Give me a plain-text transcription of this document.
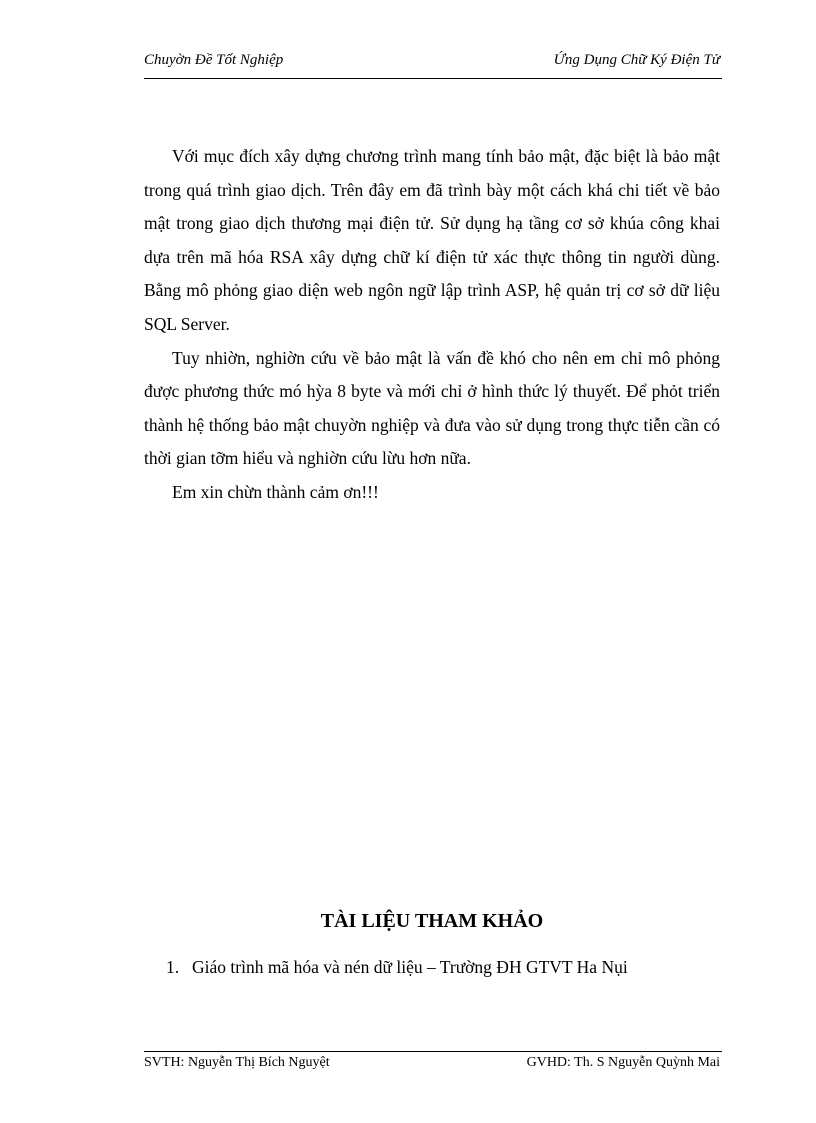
Chuyờn Đề Tốt Nghiệp	Ứng Dụng Chữ Ký Điện Tử

Với mục đích xây dựng chương trình mang tính bảo mật, đặc biệt là bảo mật trong quá trình giao dịch. Trên đây em đã trình bày một cách khá chi tiết về bảo mật trong giao dịch thương mại điện tử. Sử dụng hạ tầng cơ sở khúa công khai dựa trên mã hóa RSA xây dựng chữ kí điện tử xác thực thông tin người dùng. Bằng mô phỏng giao diện web ngôn ngữ lập trình ASP, hệ quản trị cơ sở dữ liệu SQL Server.

Tuy nhiờn, nghiờn cứu về bảo mật là vấn đề khó cho nên em chỉ mô phỏng được phương thức mó hỳa 8 byte và mới chỉ ở hình thức lý thuyết. Để phỏt triển thành hệ thống bảo mật chuyờn nghiệp và đưa vào sử dụng trong thực tiễn cần có thời gian tỡm hiểu và nghiờn cứu lừu hơn nữa.

Em xin chừn thành cảm ơn!!!

TÀI LIỆU THAM KHẢO
1. Giáo trình mã hóa và nén dữ liệu – Trường ĐH GTVT Ha Nụi
SVTH: Nguyễn Thị Bích Nguyệt	GVHD: Th. S Nguyễn Quỳnh Mai
